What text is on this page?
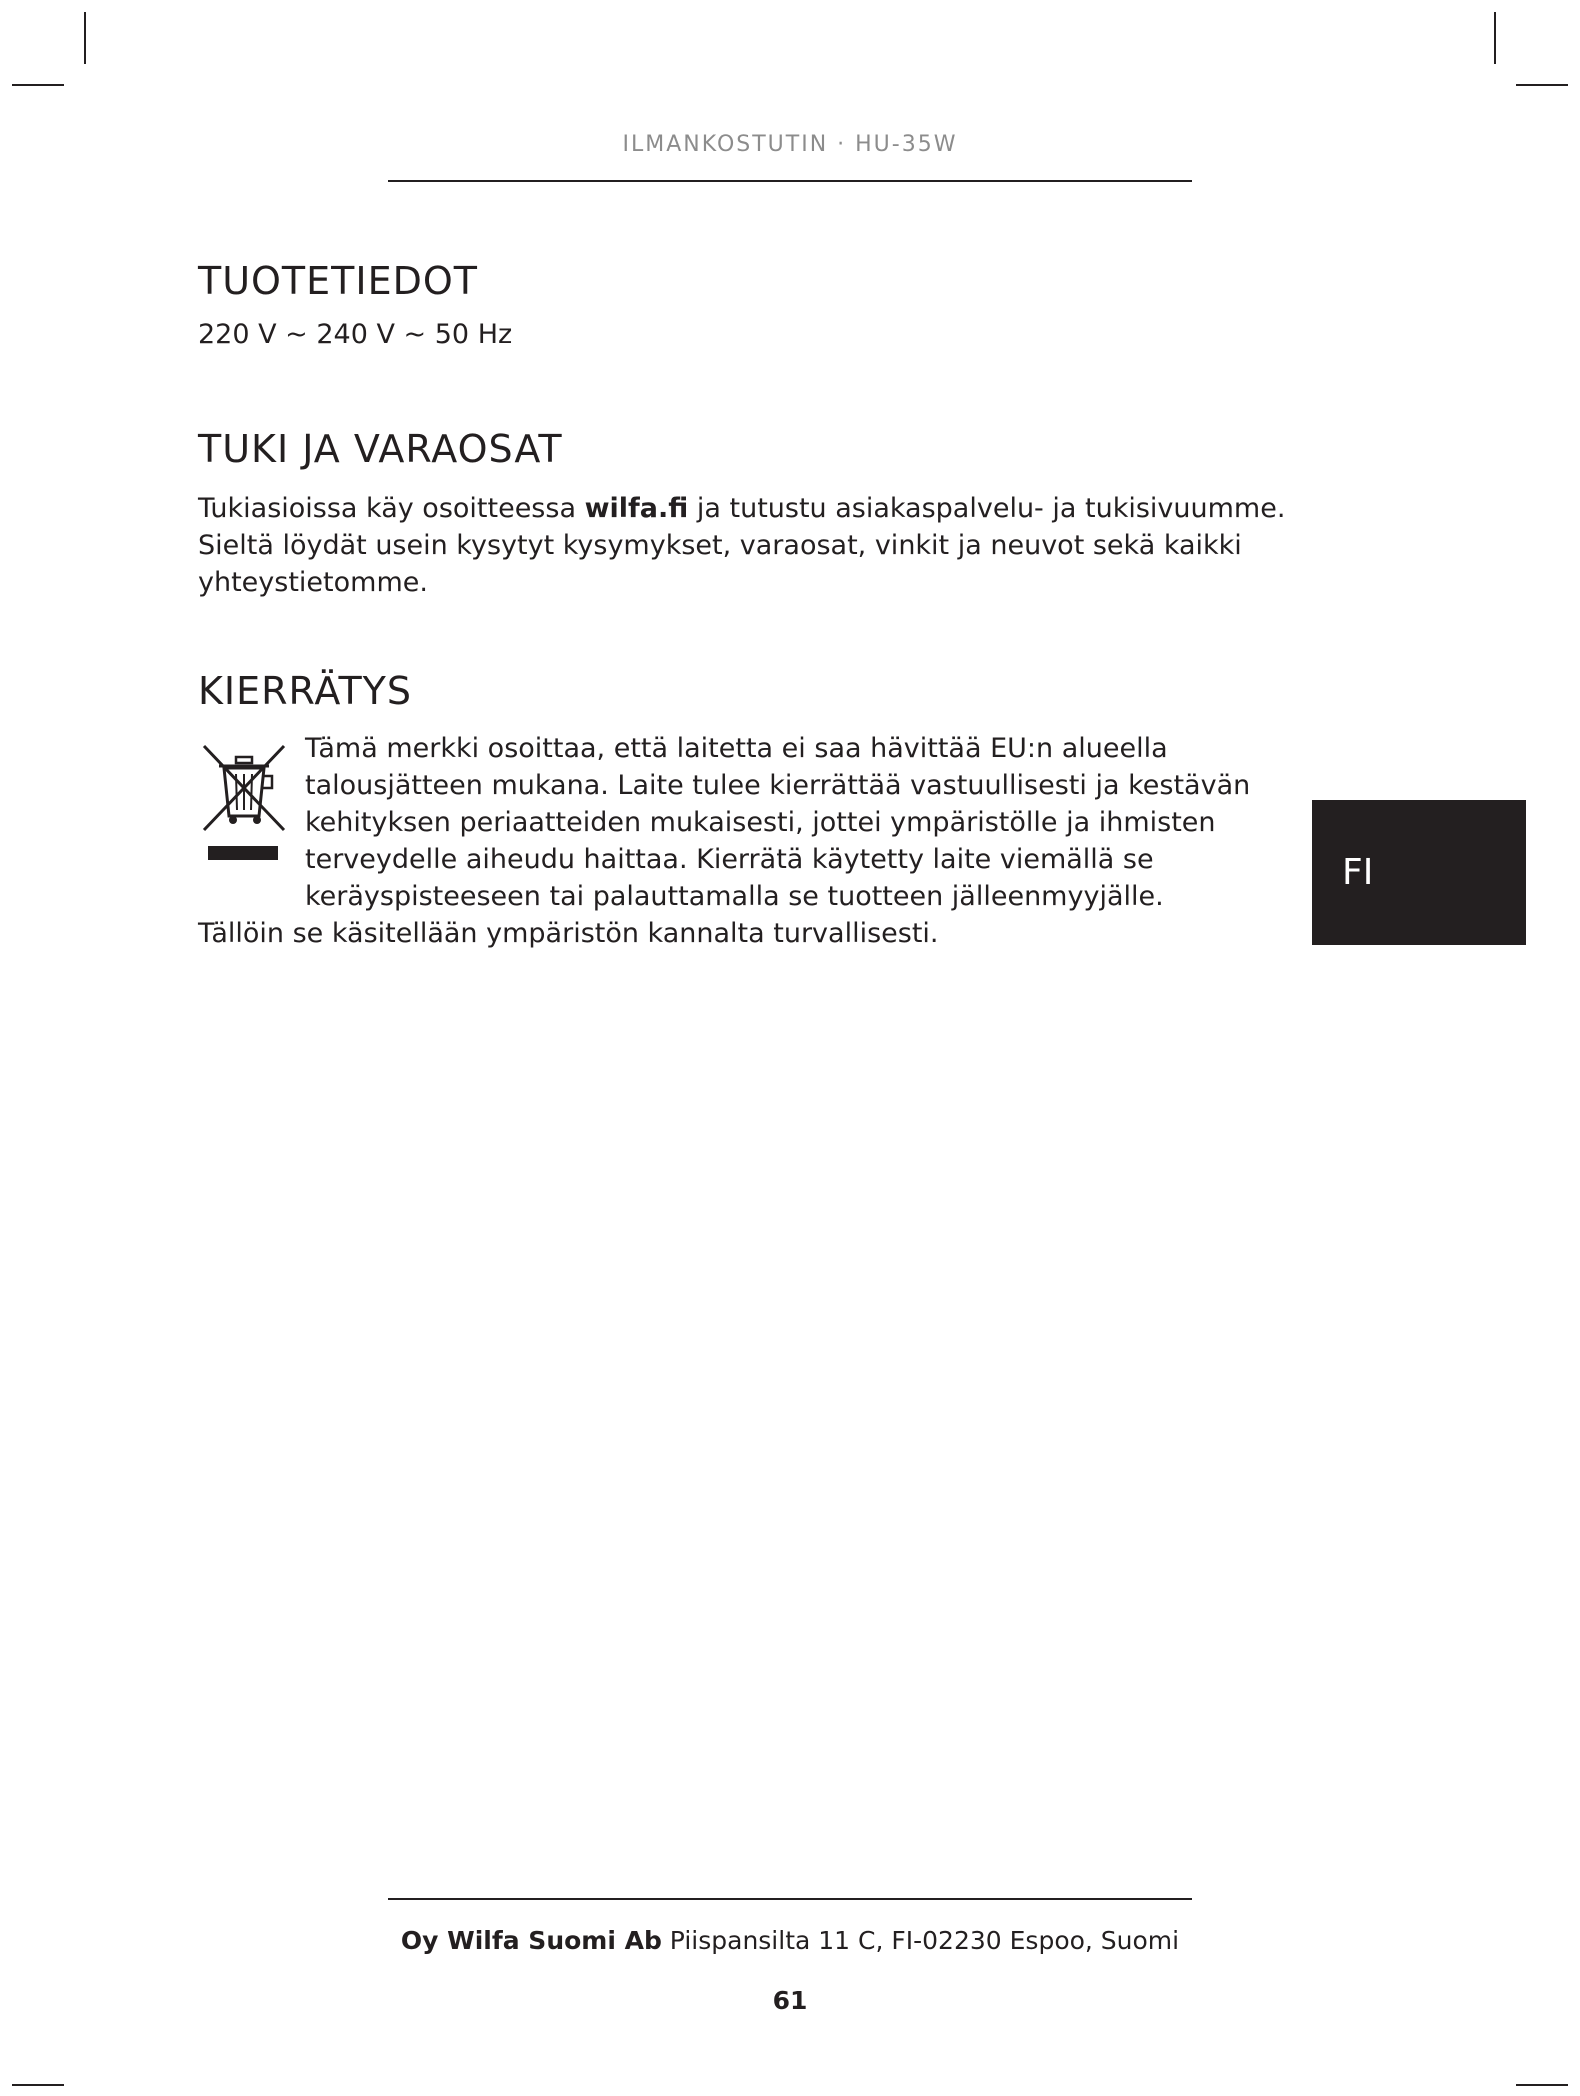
ILMANKOSTUTIN · HU-35W
TUOTETIEDOT

220 V ~ 240 V ~ 50 Hz

TUKI JA VARAOSAT

Tukiasioissa käy osoitteessa wilfa.fi ja tutustu asiakaspalvelu- ja tukisivuumme.
Sieltä löydät usein kysytyt kysymykset, varaosat, vinkit ja neuvot sekä kaikki
yhteystietomme.

KIERRÄTYS

Tämä merkki osoittaa, että laitetta ei saa hävittää EU:n alueella
talousjätteen mukana. Laite tulee kierrättää vastuullisesti ja kestävän
kehityksen periaatteiden mukaisesti, jottei ympäristölle ja ihmisten
terveydelle aiheudu haittaa. Kierrätä käytetty laite viemällä se
keräyspisteeseen tai palauttamalla se tuotteen jälleenmyyjälle.

Tällöin se käsitellään ympäristön kannalta turvallisesti.

FI
Oy Wilfa Suomi Ab Piispansilta 11 C, FI-02230 Espoo, Suomi
61
